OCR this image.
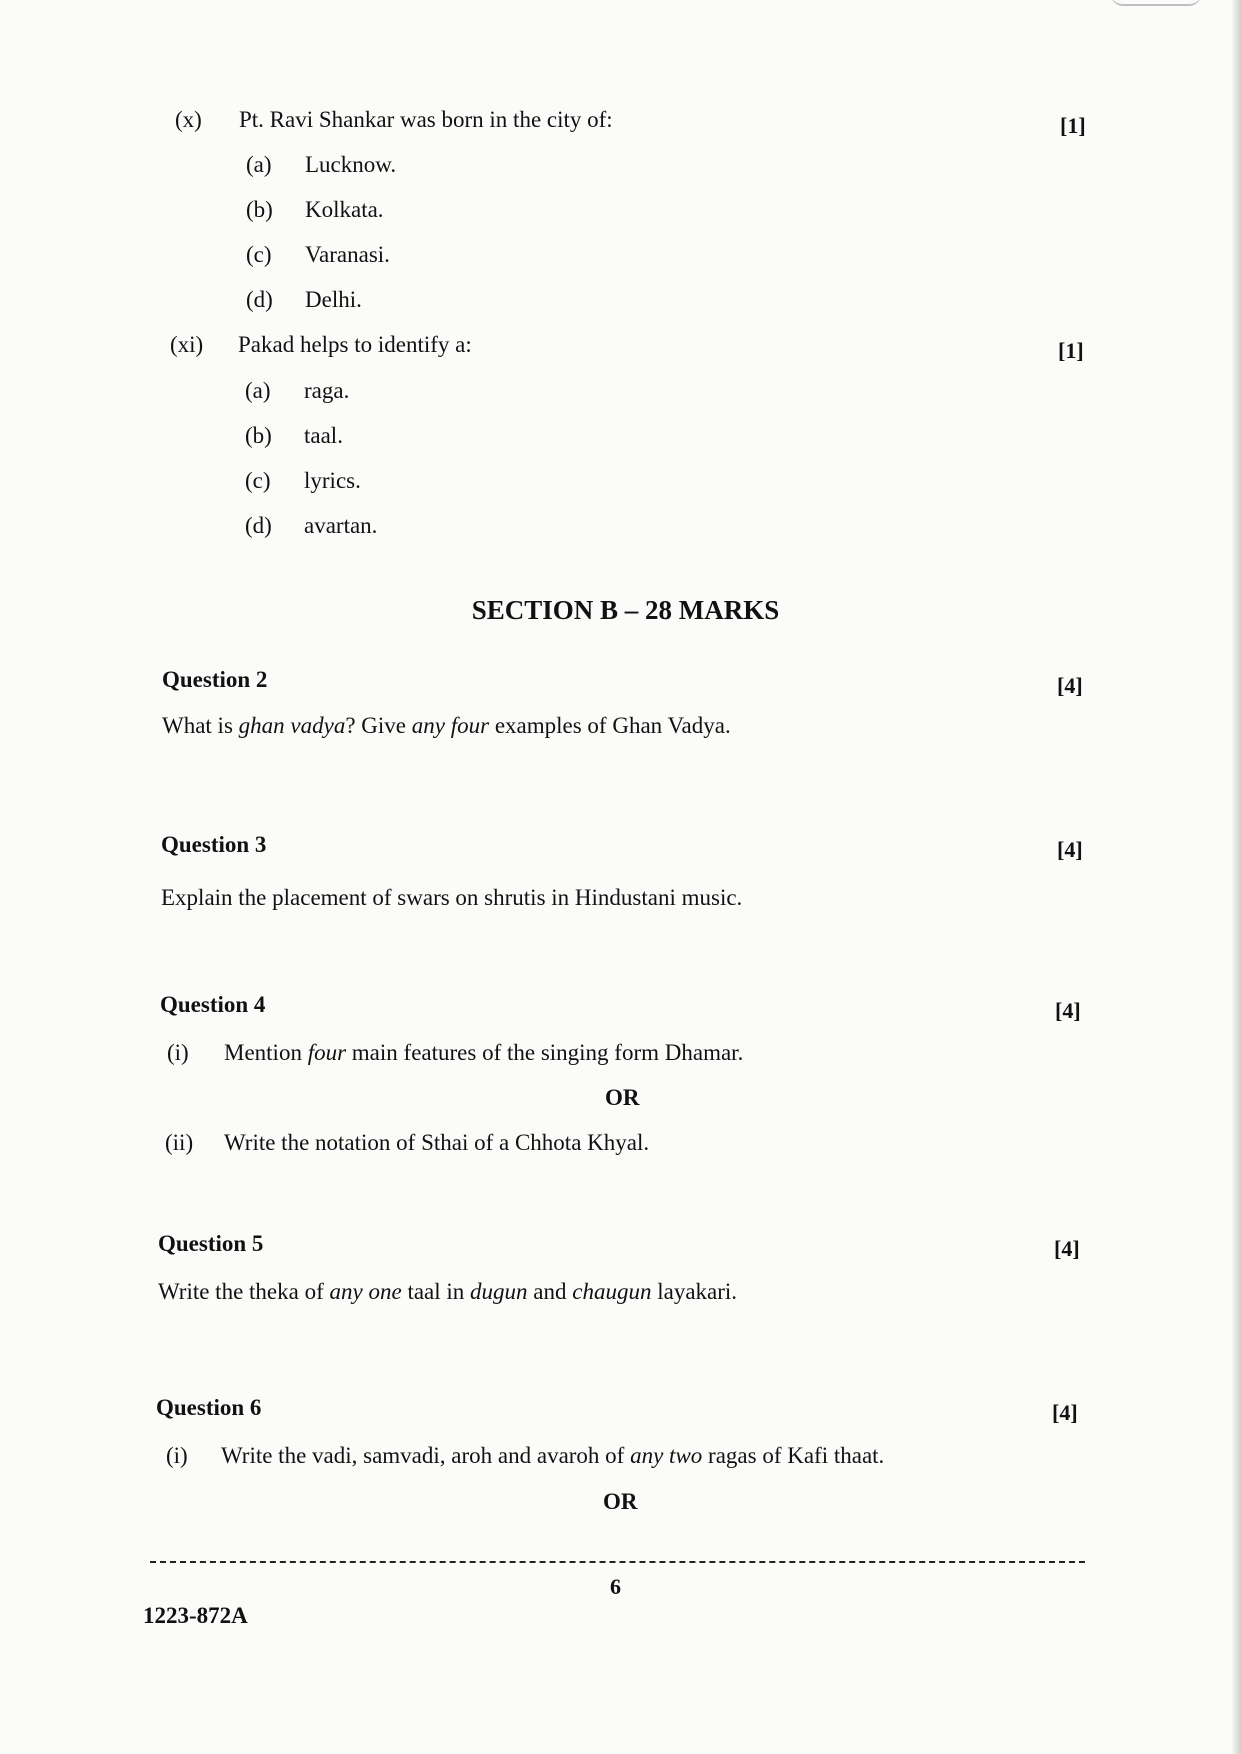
(x) Pt. Ravi Shankar was born in the city of:	[1]
(a) Lucknow.
(b) Kolkata.
(c) Varanasi.
(d) Delhi.
(xi) Pakad helps to identify a:	[1]
(a) raga.
(b) taal.
(c) lyrics.
(d) avartan.
SECTION B – 28 MARKS
Question 2	[4]
What is ghan vadya? Give any four examples of Ghan Vadya.
Question 3	[4]
Explain the placement of swars on shrutis in Hindustani music.
Question 4	[4]
(i) Mention four main features of the singing form Dhamar.
OR
(ii) Write the notation of Sthai of a Chhota Khyal.
Question 5	[4]
Write the theka of any one taal in dugun and chaugun layakari.
Question 6	[4]
(i) Write the vadi, samvadi, aroh and avaroh of any two ragas of Kafi thaat.
OR
6
1223-872A
